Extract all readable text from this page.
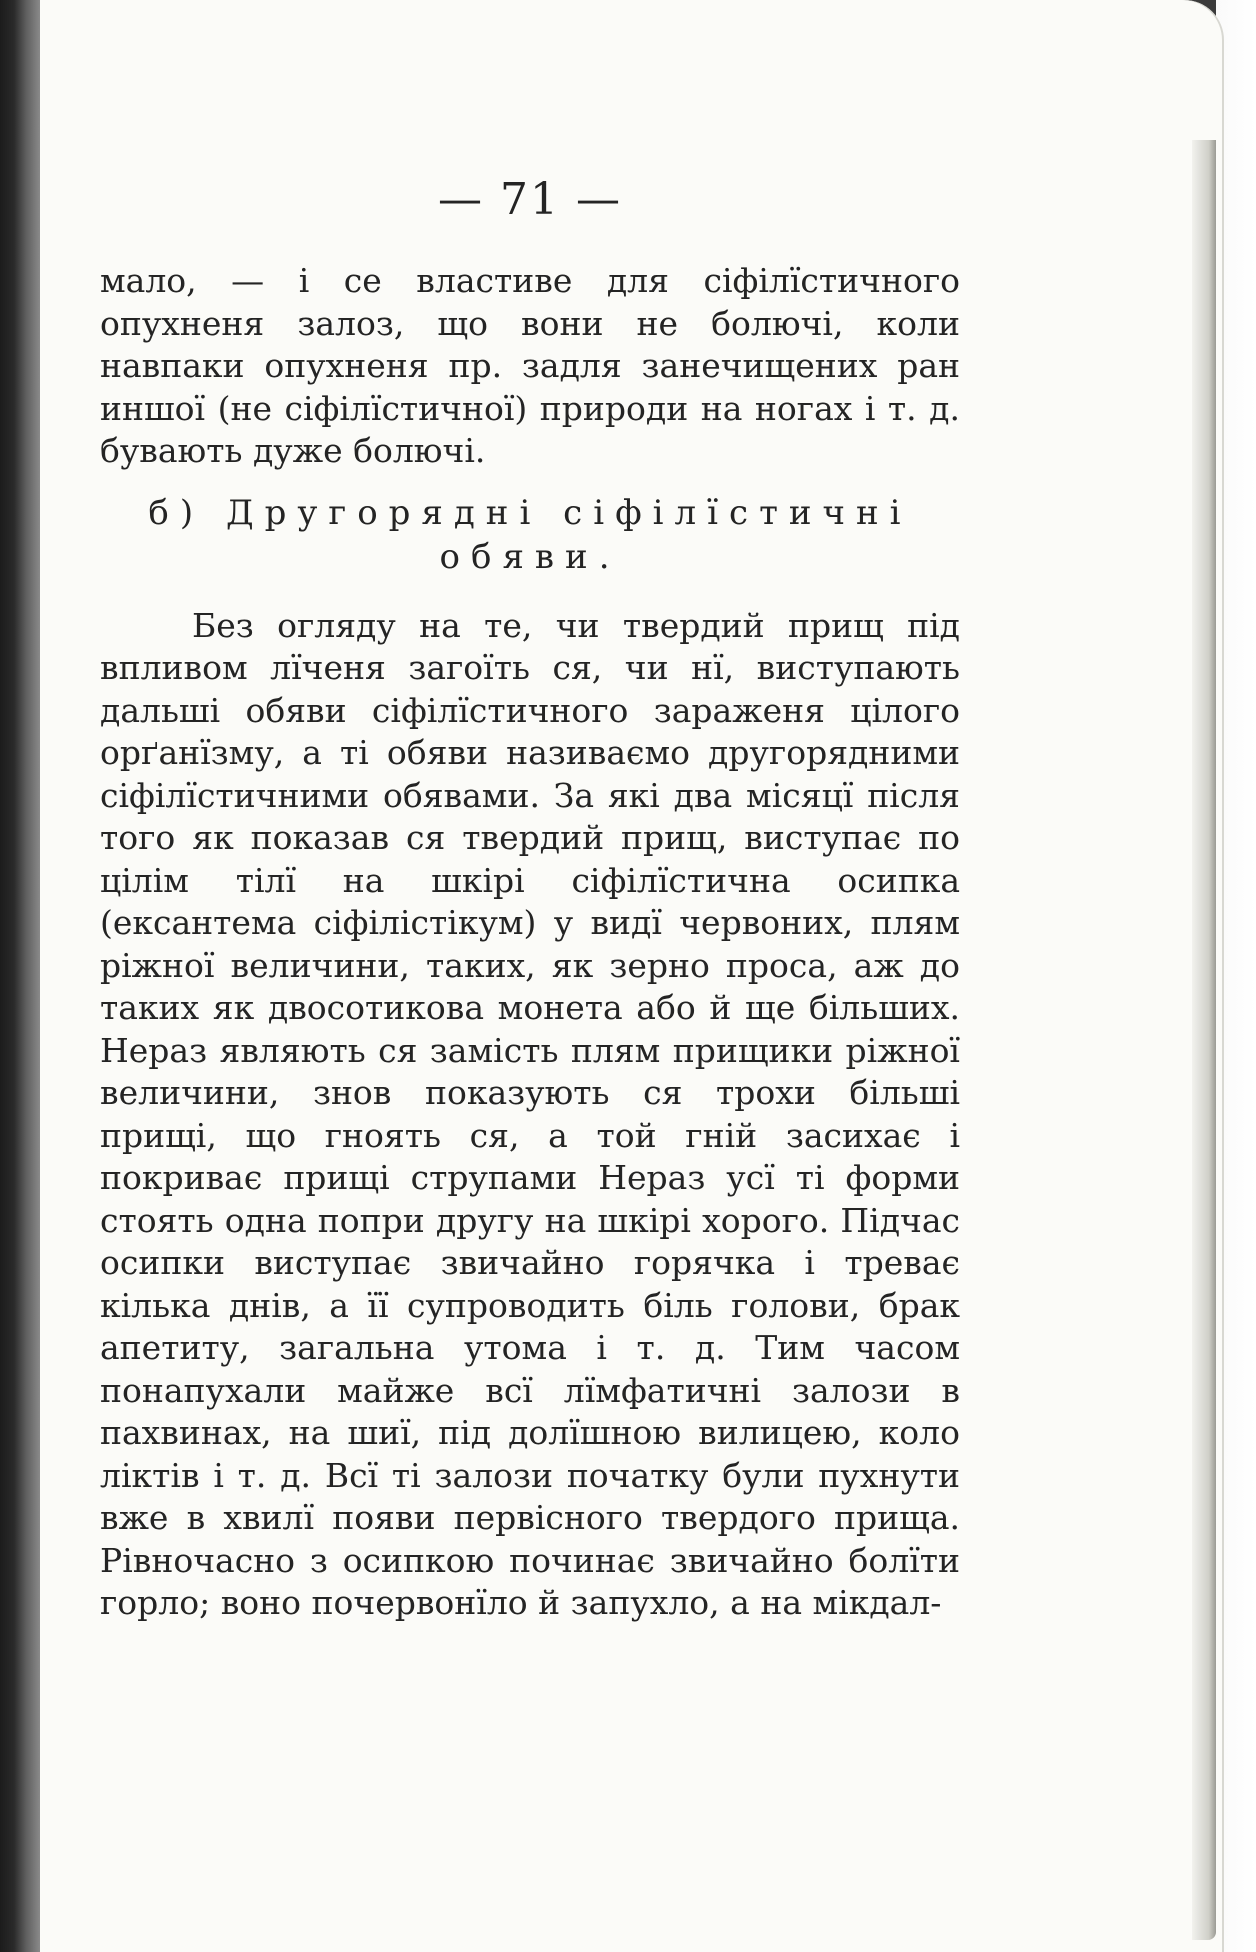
— 71 —

мало, — і се властиве для сіфілїстичного опухненя залоз, що вони не болючі, коли навпаки опухненя пр. задля занечищених ран иншої (не сіфілїстичної) природи на ногах і т. д. бувають дуже болючі.

б) Другорядні сіфілїстичні
обяви.

Без огляду на те, чи твердий прищ під впливом лїченя загоїть ся, чи нї, виступають дальші обяви сіфілїстичного зараженя цілого орґанїзму, а ті обяви називаємо другорядними сіфілїстичними обявами. За які два місяцї після того як показав ся твердий прищ, виступає по цілім тілї на шкірі сіфілїстична осипка (ексантема сіфілістікум) у видї червоних, плям ріжної величини, таких, як зерно проса, аж до таких як двосотикова монета або й ще більших. Нераз являють ся замість плям прищики ріжної величини, знов показують ся трохи більші прищі, що гноять ся, а той гній засихає і покриває прищі струпами Нераз усї ті форми стоять одна попри другу на шкірі хорого. Підчас осипки виступає звичайно горячка і треває кілька днів, а її супроводить біль голови, брак апетиту, загальна утома і т. д. Тим часом понапухали майже всї лїмфатичні залози в пахвинах, на шиї, під долїшною вилицею, коло ліктів і т. д. Всї ті залози початку були пухнути вже в хвилї появи первісного твердого прища. Рівночасно з осипкою починає звичайно болїти горло; воно почервонїло й запухло, а на мікдал-
